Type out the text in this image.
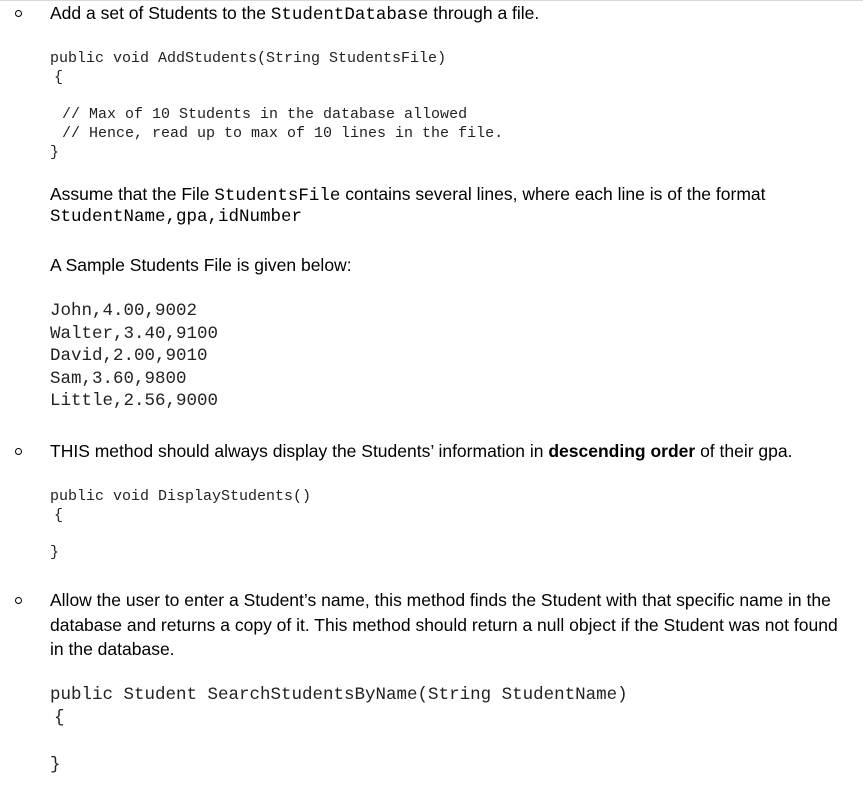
Add a set of Students to the StudentDatabase through a file.
public void AddStudents(String StudentsFile)
{
// Max of 10 Students in the database allowed
// Hence, read up to max of 10 lines in the file.
}
Assume that the File StudentsFile contains several lines, where each line is of the format
StudentName,gpa,idNumber
A Sample Students File is given below:
John,4.00,9002
Walter,3.40,9100
David,2.00,9010
Sam,3.60,9800
Little,2.56,9000
THIS method should always display the Students’ information in descending order of their gpa.
public void DisplayStudents()
{
}
Allow the user to enter a Student’s name, this method finds the Student with that specific name in the database and returns a copy of it. This method should return a null object if the Student was not found in the database.
public Student SearchStudentsByName(String StudentName)
{
}
